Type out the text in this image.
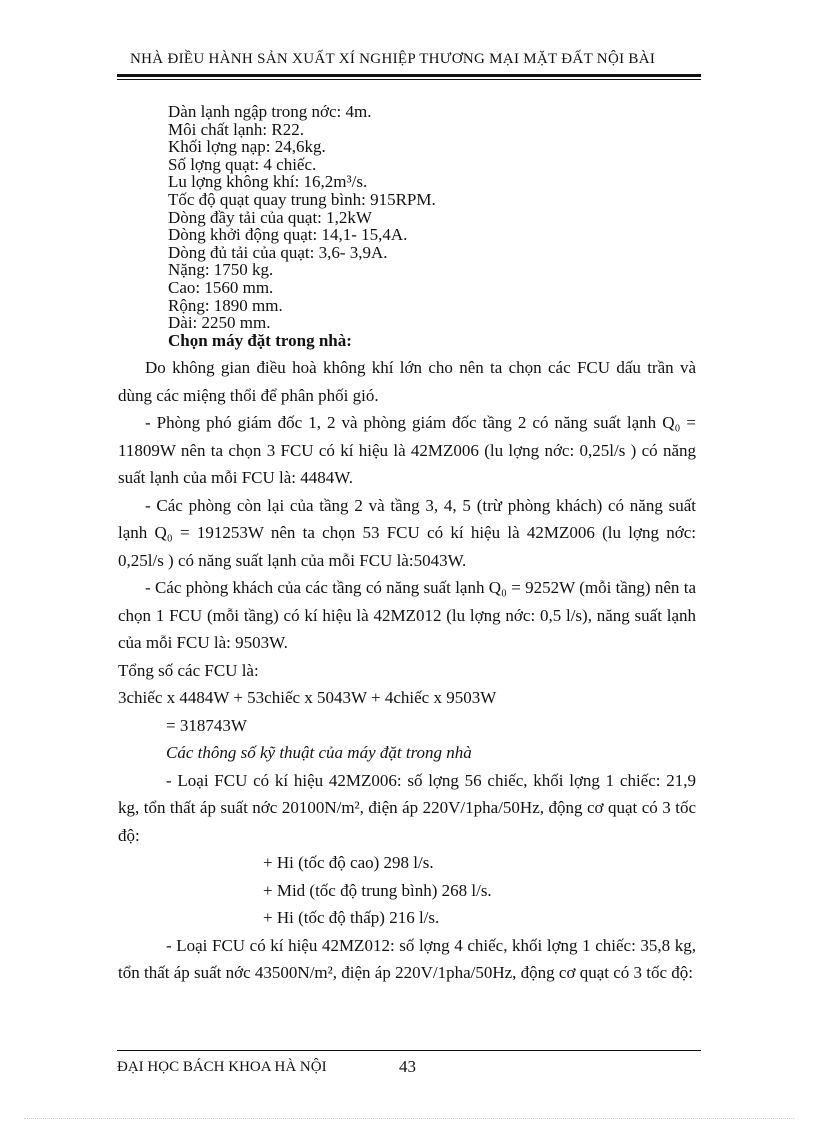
NHÀ ĐIỀU HÀNH SẢN XUẤT XÍ NGHIỆP THƯƠNG MẠI MẶT ĐẤT NỘI BÀI
Dàn lạnh ngập trong nớc: 4m.
Môi chất lạnh: R22.
Khối lợng nạp: 24,6kg.
Số lợng quạt: 4 chiếc.
Lu lợng không khí: 16,2m³/s.
Tốc độ quạt quay trung bình: 915RPM.
Dòng đầy tải của quạt: 1,2kW
Dòng khởi động quạt: 14,1- 15,4A.
Dòng đủ tải của quạt: 3,6- 3,9A.
Nặng: 1750 kg.
Cao: 1560 mm.
Rộng: 1890 mm.
Dài: 2250 mm.
Chọn máy đặt trong nhà:

Do không gian điều hoà không khí lớn cho nên ta chọn các FCU dấu trần và dùng các miệng thổi để phân phối gió.

- Phòng phó giám đốc 1, 2 và phòng giám đốc tầng 2 có năng suất lạnh Q₀ = 11809W nên ta chọn 3 FCU có kí hiệu là 42MZ006 (lu lợng nớc: 0,25l/s ) có năng suất lạnh của mỗi FCU là: 4484W.

- Các phòng còn lại của tầng 2 và tầng 3, 4, 5 (trừ phòng khách) có năng suất lạnh Q₀ = 191253W nên ta chọn 53 FCU có kí hiệu là 42MZ006 (lu lợng nớc: 0,25l/s ) có năng suất lạnh của mỗi FCU là:5043W.

- Các phòng khách của các tầng có năng suất lạnh Q₀ = 9252W (mỗi tầng) nên ta chọn 1 FCU (mỗi tầng) có kí hiệu là 42MZ012 (lu lợng nớc: 0,5 l/s), năng suất lạnh của mỗi FCU là: 9503W.

Tổng số các FCU là:

3chiếc x 4484W + 53chiếc x 5043W + 4chiếc x 9503W

= 318743W

Các thông số kỹ thuật của máy đặt trong nhà

- Loại FCU có kí hiệu 42MZ006: số lợng 56 chiếc, khối lợng 1 chiếc: 21,9 kg, tổn thất áp suất nớc 20100N/m², điện áp 220V/1pha/50Hz, động cơ quạt có 3 tốc độ:

+ Hi (tốc độ cao) 298 l/s.

+ Mid (tốc độ trung bình) 268 l/s.

+ Hi (tốc độ thấp) 216 l/s.

- Loại FCU có kí hiệu 42MZ012: số lợng 4 chiếc, khối lợng 1 chiếc: 35,8 kg, tổn thất áp suất nớc 43500N/m², điện áp 220V/1pha/50Hz, động cơ quạt có 3 tốc độ:

ĐẠI HỌC BÁCH KHOA HÀ NỘI	43
